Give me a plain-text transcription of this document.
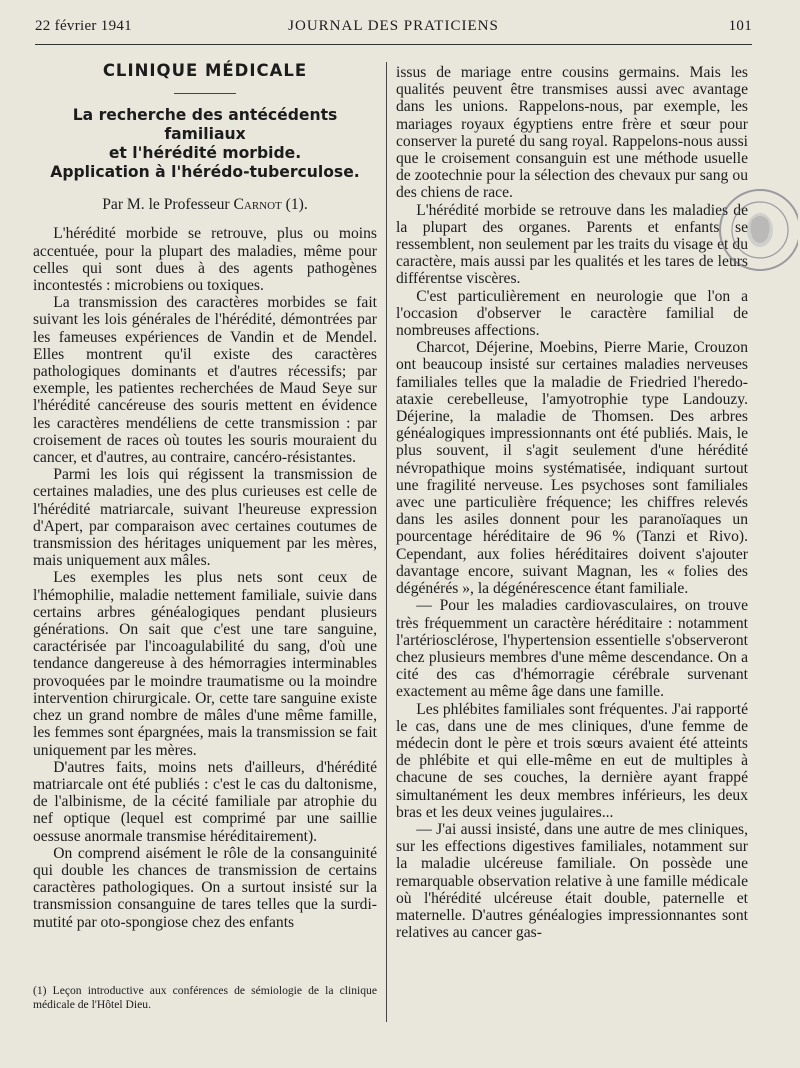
22 février 1941	JOURNAL DES PRATICIENS	101
CLINIQUE MÉDICALE
La recherche des antécédents familiaux
et l'hérédité morbide.
Application à l'hérédo-tuberculose.
Par M. le Professeur Carnot (1).

L'hérédité morbide se retrouve, plus ou moins accentuée, pour la plupart des maladies, même pour celles qui sont dues à des agents pathogènes incontestés : microbiens ou toxiques.

La transmission des caractères morbides se fait suivant les lois générales de l'hérédité, démontrées par les fameuses expériences de Vandin et de Mendel. Elles montrent qu'il existe des caractères pathologiques dominants et d'autres récessifs; par exemple, les patientes recherchées de Maud Seye sur l'hérédité cancéreuse des souris mettent en évidence les caractères mendéliens de cette transmission : par croisement de races où toutes les souris mouraient du cancer, et d'autres, au contraire, cancéro-résistantes.

Parmi les lois qui régissent la transmission de certaines maladies, une des plus curieuses est celle de l'hérédité matriarcale, suivant l'heureuse expression d'Apert, par comparaison avec certaines coutumes de transmission des héritages uniquement par les mères, mais uniquement aux mâles.

Les exemples les plus nets sont ceux de l'hémophilie, maladie nettement familiale, suivie dans certains arbres généalogiques pendant plusieurs générations. On sait que c'est une tare sanguine, caractérisée par l'incoagulabilité du sang, d'où une tendance dangereuse à des hémorragies interminables provoquées par le moindre traumatisme ou la moindre intervention chirurgicale. Or, cette tare sanguine existe chez un grand nombre de mâles d'une même famille, les femmes sont épargnées, mais la transmission se fait uniquement par les mères.

D'autres faits, moins nets d'ailleurs, d'hérédité matriarcale ont été publiés : c'est le cas du daltonisme, de l'albinisme, de la cécité familiale par atrophie du nef optique (lequel est comprimé par une saillie oessuse anormale transmise héréditairement).

On comprend aisément le rôle de la consanguinité qui double les chances de transmission de certains caractères pathologiques. On a surtout insisté sur la transmission consanguine de tares telles que la surdi-mutité par oto-spongiose chez des enfants

issus de mariage entre cousins germains. Mais les qualités peuvent être transmises aussi avec avantage dans les unions. Rappelons-nous, par exemple, les mariages royaux égyptiens entre frère et sœur pour conserver la pureté du sang royal. Rappelons-nous aussi que le croisement consanguin est une méthode usuelle de zootechnie pour la sélection des chevaux pur sang ou des chiens de race.

L'hérédité morbide se retrouve dans les maladies de la plupart des organes. Parents et enfants se ressemblent, non seulement par les traits du visage et du caractère, mais aussi par les qualités et les tares de leurs différentse viscères.

C'est particulièrement en neurologie que l'on a l'occasion d'observer le caractère familial de nombreuses affections.

Charcot, Déjerine, Moebins, Pierre Marie, Crouzon ont beaucoup insisté sur certaines maladies nerveuses familiales telles que la maladie de Friedried l'heredo-ataxie cerebelleuse, l'amyotrophie type Landouzy. Déjerine, la maladie de Thomsen. Des arbres généalogiques impressionnants ont été publiés. Mais, le plus souvent, il s'agit seulement d'une hérédité névropathique moins systématisée, indiquant surtout une fragilité nerveuse. Les psychoses sont familiales avec une particulière fréquence; les chiffres relevés dans les asiles donnent pour les paranoïaques un pourcentage héréditaire de 96 % (Tanzi et Rivo). Cependant, aux folies héréditaires doivent s'ajouter davantage encore, suivant Magnan, les « folies des dégénérés », la dégénérescence étant familiale.

— Pour les maladies cardiovasculaires, on trouve très fréquemment un caractère héréditaire : notamment l'artériosclérose, l'hypertension essentielle s'observeront chez plusieurs membres d'une même descendance. On a cité des cas d'hémorragie cérébrale survenant exactement au même âge dans une famille.

Les phlébites familiales sont fréquentes. J'ai rapporté le cas, dans une de mes cliniques, d'une femme de médecin dont le père et trois sœurs avaient été atteints de phlébite et qui elle-même en eut de multiples à chacune de ses couches, la dernière ayant frappé simultanément les deux membres inférieurs, les deux bras et les deux veines jugulaires...

— J'ai aussi insisté, dans une autre de mes cliniques, sur les effections digestives familiales, notamment sur la maladie ulcéreuse familiale. On possède une remarquable observation relative à une famille médicale où l'hérédité ulcéreuse était double, paternelle et maternelle. D'autres généalogies impressionnantes sont relatives au cancer gas-

(1) Leçon introductive aux conférences de sémiologie de la clinique médicale de l'Hôtel Dieu.
